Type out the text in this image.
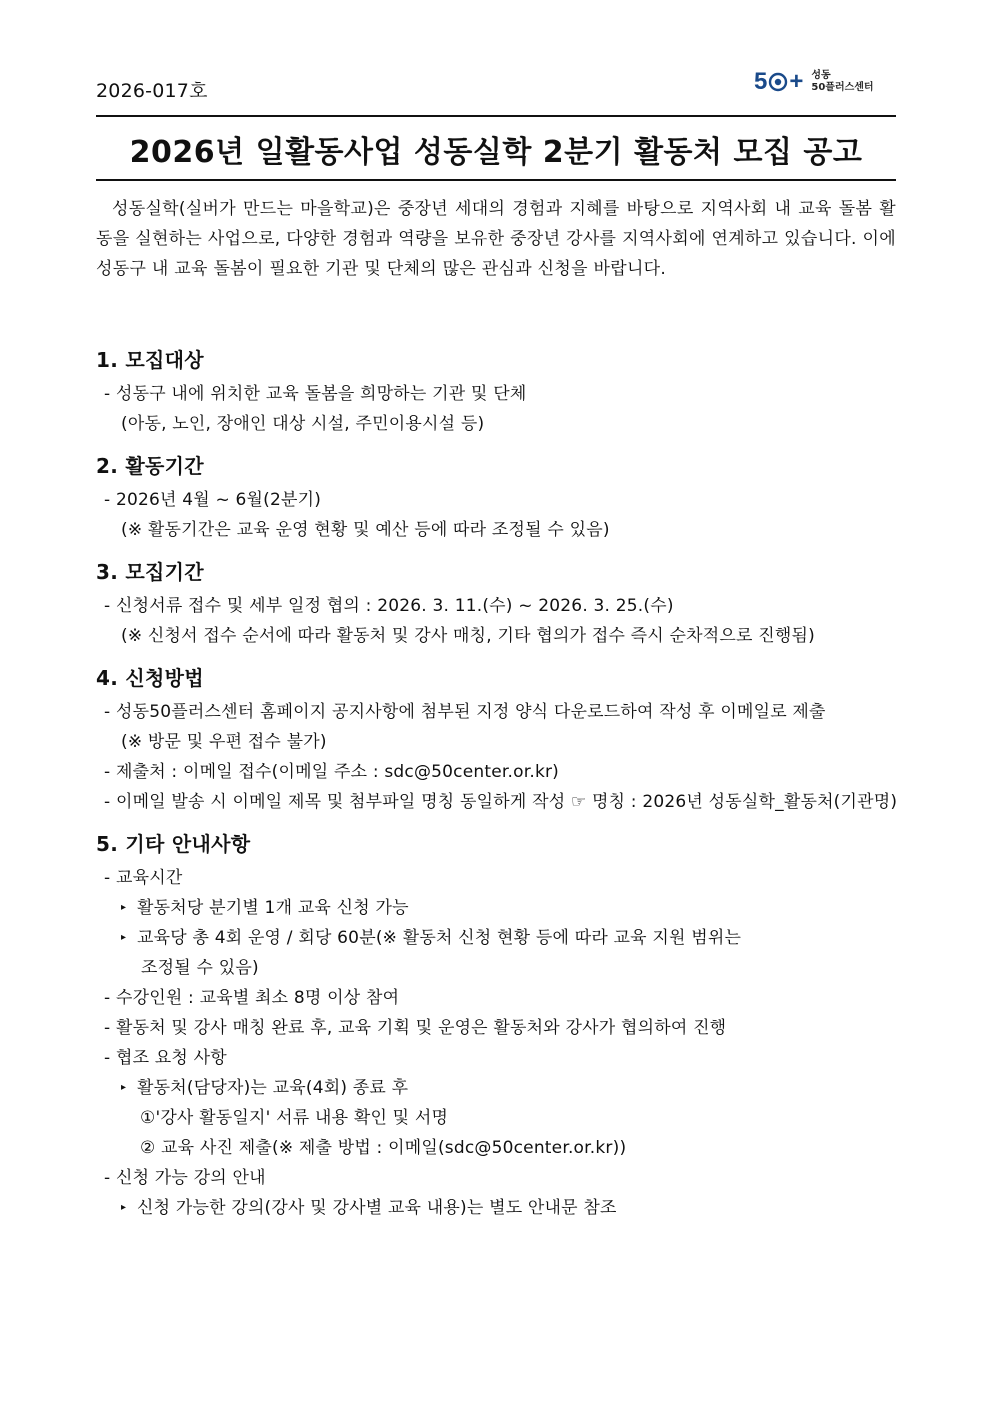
2026-017호	5 + 성동
50플러스센터
2026년 일활동사업 성동실학 2분기 활동처 모집 공고
성동실학(실버가 만드는 마을학교)은 중장년 세대의 경험과 지혜를 바탕으로 지역사회 내 교육 돌봄 활동을 실현하는 사업으로, 다양한 경험과 역량을 보유한 중장년 강사를 지역사회에 연계하고 있습니다. 이에 성동구 내 교육 돌봄이 필요한 기관 및 단체의 많은 관심과 신청을 바랍니다.
1. 모집대상
- 성동구 내에 위치한 교육 돌봄을 희망하는 기관 및 단체
(아동, 노인, 장애인 대상 시설, 주민이용시설 등)
2. 활동기간
- 2026년 4월 ~ 6월(2분기)
(※ 활동기간은 교육 운영 현황 및 예산 등에 따라 조정될 수 있음)
3. 모집기간
- 신청서류 접수 및 세부 일정 협의 : 2026. 3. 11.(수) ~ 2026. 3. 25.(수)
(※ 신청서 접수 순서에 따라 활동처 및 강사 매칭, 기타 협의가 접수 즉시 순차적으로 진행됨)
4. 신청방법
- 성동50플러스센터 홈페이지 공지사항에 첨부된 지정 양식 다운로드하여 작성 후 이메일로 제출
(※ 방문 및 우편 접수 불가)
- 제출처 : 이메일 접수(이메일 주소 : sdc@50center.or.kr)
- 이메일 발송 시 이메일 제목 및 첨부파일 명칭 동일하게 작성 ☞ 명칭 : 2026년 성동실학_활동처(기관명)
5. 기타 안내사항
- 교육시간
▸ 활동처당 분기별 1개 교육 신청 가능
▸ 교육당 총 4회 운영 / 회당 60분(※ 활동처 신청 현황 등에 따라 교육 지원 범위는
조정될 수 있음)
- 수강인원 : 교육별 최소 8명 이상 참여
- 활동처 및 강사 매칭 완료 후, 교육 기획 및 운영은 활동처와 강사가 협의하여 진행
- 협조 요청 사항
▸ 활동처(담당자)는 교육(4회) 종료 후
①'강사 활동일지' 서류 내용 확인 및 서명
② 교육 사진 제출(※ 제출 방법 : 이메일(sdc@50center.or.kr))
- 신청 가능 강의 안내
▸ 신청 가능한 강의(강사 및 강사별 교육 내용)는 별도 안내문 참조
